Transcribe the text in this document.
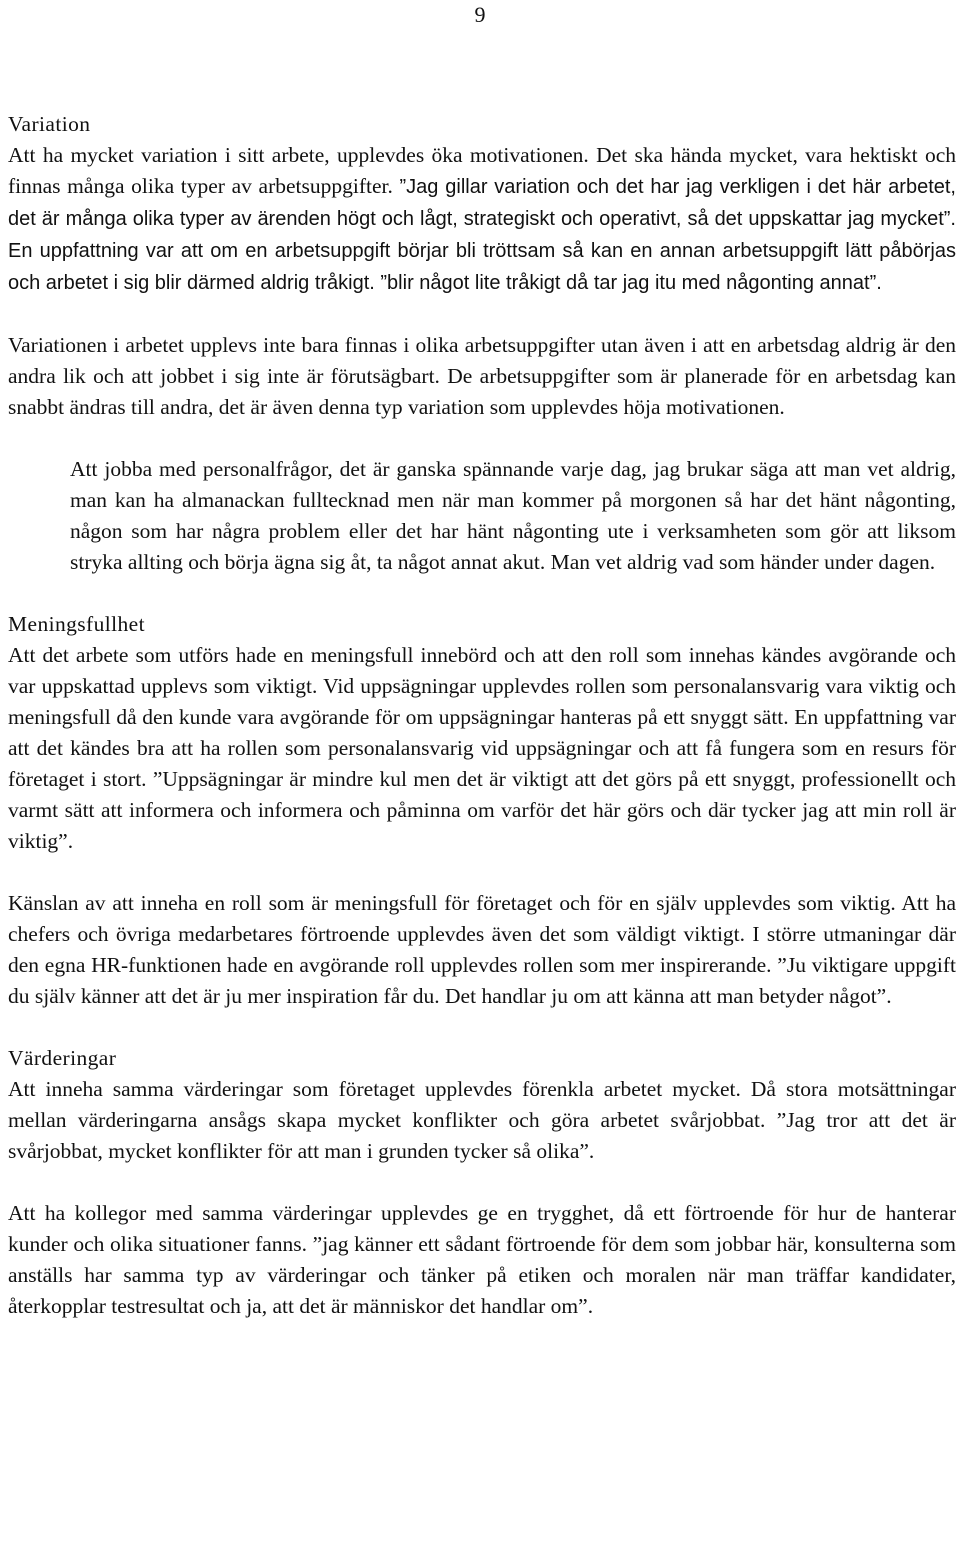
9
Variation

Att ha mycket variation i sitt arbete, upplevdes öka motivationen. Det ska hända mycket, vara hektiskt och finnas många olika typer av arbetsuppgifter. ”Jag gillar variation och det har jag verkligen i det här arbetet, det är många olika typer av ärenden högt och lågt, strategiskt och operativt, så det uppskattar jag mycket”. En uppfattning var att om en arbetsuppgift börjar bli tröttsam så kan en annan arbetsuppgift lätt påbörjas och arbetet i sig blir därmed aldrig tråkigt. ”blir något lite tråkigt då tar jag itu med någonting annat”.

Variationen i arbetet upplevs inte bara finnas i olika arbetsuppgifter utan även i att en arbetsdag aldrig är den andra lik och att jobbet i sig inte är förutsägbart. De arbetsuppgifter som är planerade för en arbetsdag kan snabbt ändras till andra, det är även denna typ variation som upplevdes höja motivationen.

Att jobba med personalfrågor, det är ganska spännande varje dag, jag brukar säga att man vet aldrig, man kan ha almanackan fulltecknad men när man kommer på morgonen så har det hänt någonting, någon som har några problem eller det har hänt någonting ute i verksamheten som gör att liksom stryka allting och börja ägna sig åt, ta något annat akut. Man vet aldrig vad som händer under dagen.

Meningsfullhet

Att det arbete som utförs hade en meningsfull innebörd och att den roll som innehas kändes avgörande och var uppskattad upplevs som viktigt. Vid uppsägningar upplevdes rollen som personalansvarig vara viktig och meningsfull då den kunde vara avgörande för om uppsägningar hanteras på ett snyggt sätt. En uppfattning var att det kändes bra att ha rollen som personalansvarig vid uppsägningar och att få fungera som en resurs för företaget i stort. ”Uppsägningar är mindre kul men det är viktigt att det görs på ett snyggt, professionellt och varmt sätt att informera och informera och påminna om varför det här görs och där tycker jag att min roll är viktig”.

Känslan av att inneha en roll som är meningsfull för företaget och för en själv upplevdes som viktig. Att ha chefers och övriga medarbetares förtroende upplevdes även det som väldigt viktigt. I större utmaningar där den egna HR-funktionen hade en avgörande roll upplevdes rollen som mer inspirerande. ”Ju viktigare uppgift du själv känner att det är ju mer inspiration får du. Det handlar ju om att känna att man betyder något”.

Värderingar

Att inneha samma värderingar som företaget upplevdes förenkla arbetet mycket. Då stora motsättningar mellan värderingarna ansågs skapa mycket konflikter och göra arbetet svårjobbat. ”Jag tror att det är svårjobbat, mycket konflikter för att man i grunden tycker så olika”.

Att ha kollegor med samma värderingar upplevdes ge en trygghet, då ett förtroende för hur de hanterar kunder och olika situationer fanns. ”jag känner ett sådant förtroende för dem som jobbar här, konsulterna som anställs har samma typ av värderingar och tänker på etiken och moralen när man träffar kandidater, återkopplar testresultat och ja, att det är människor det handlar om”.
